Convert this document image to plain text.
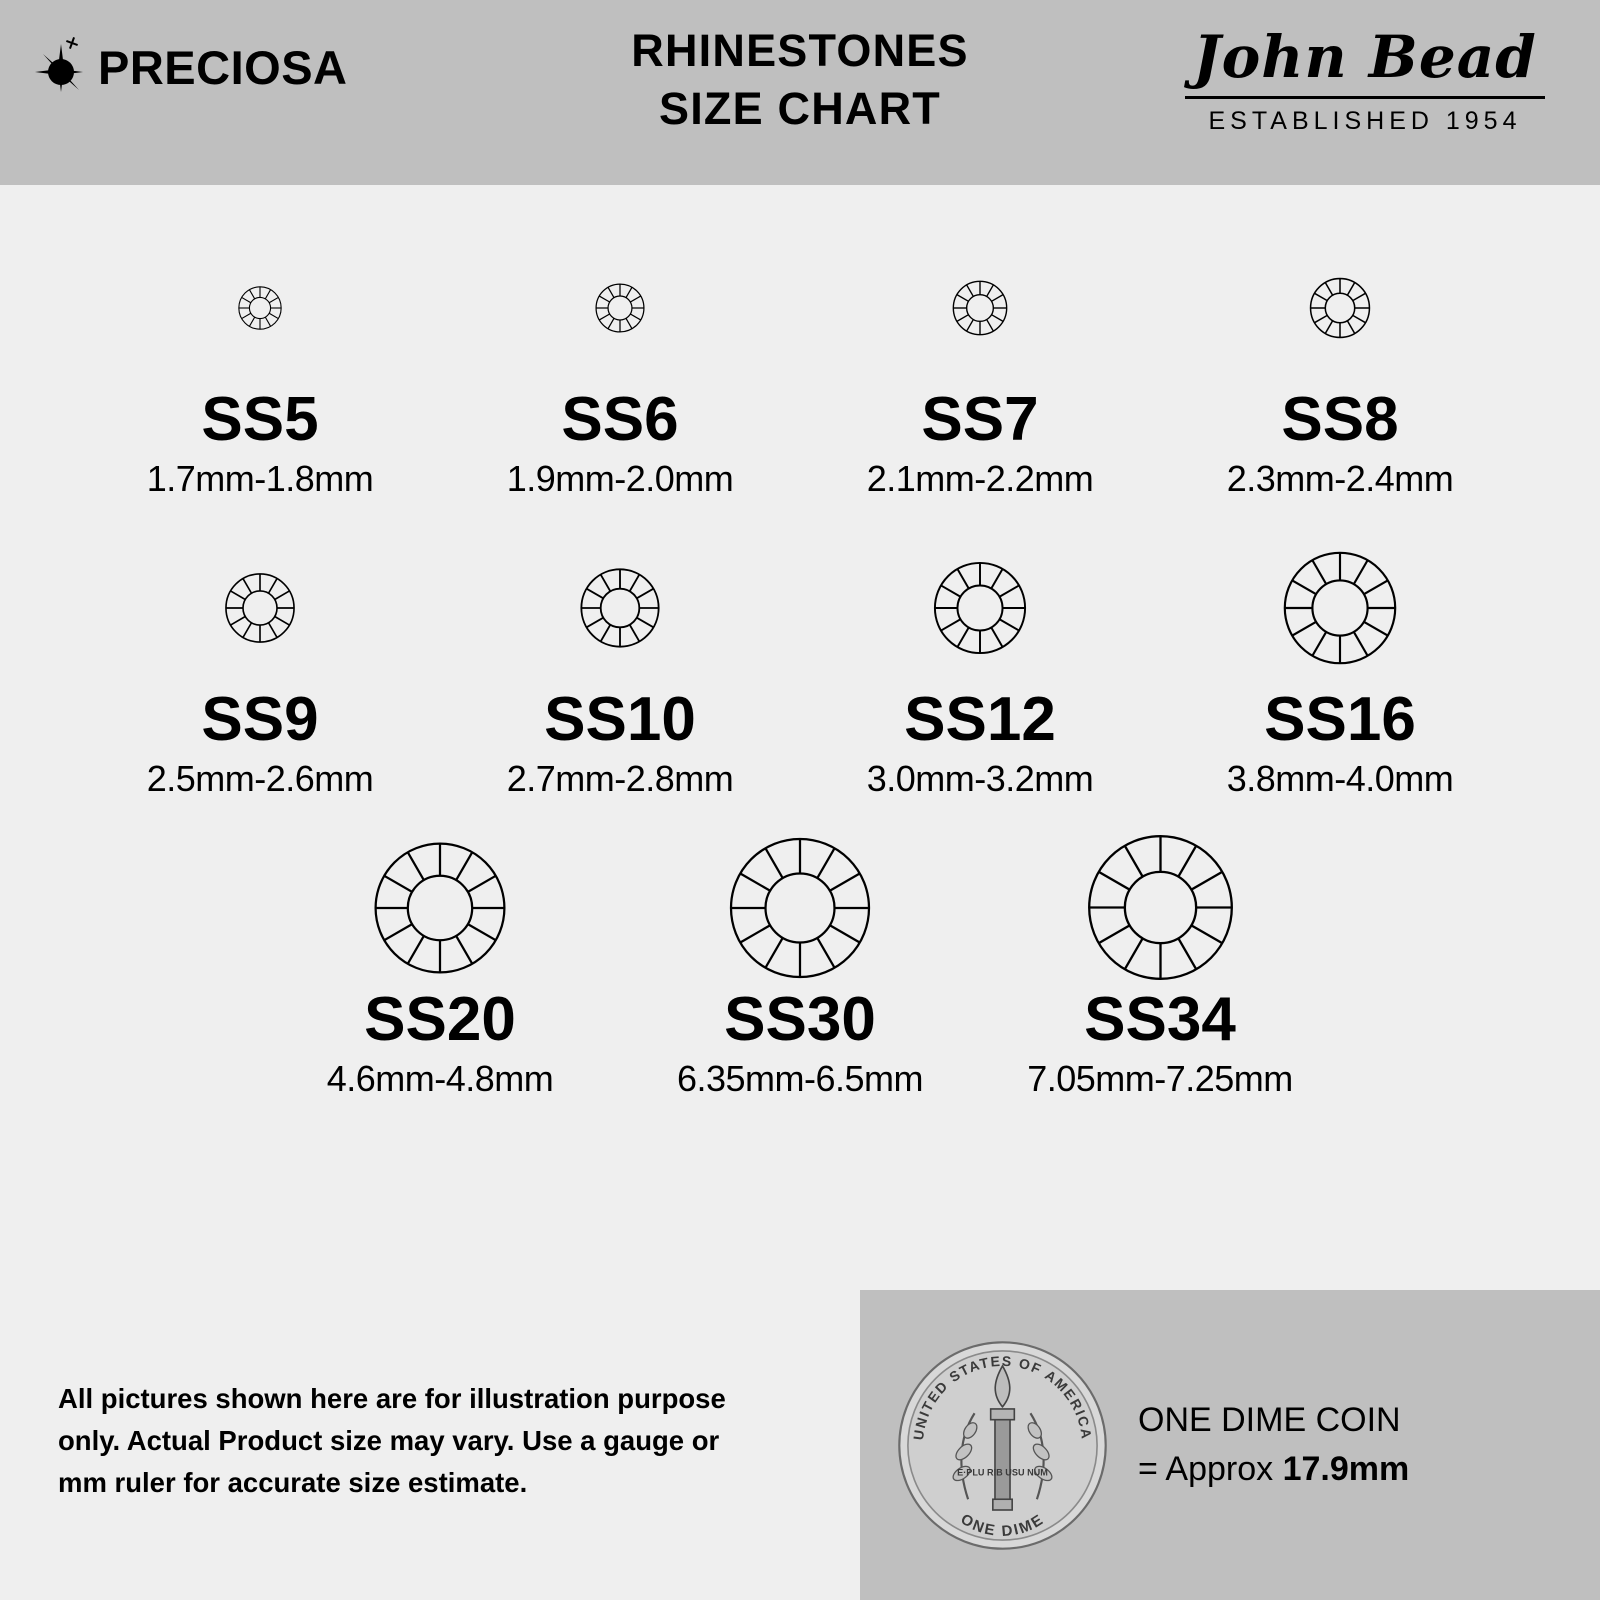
PRECIOSA	RHINESTONES
SIZE CHART
John Bead
ESTABLISHED 1954
SS5
1.7mm-1.8mm
SS6
1.9mm-2.0mm
SS7
2.1mm-2.2mm
SS8
2.3mm-2.4mm
SS9
2.5mm-2.6mm
SS10
2.7mm-2.8mm
SS12
3.0mm-3.2mm
SS16
3.8mm-4.0mm
SS20
4.6mm-4.8mm
SS30
6.35mm-6.5mm
SS34
7.05mm-7.25mm
All pictures shown here are for illustration purpose only. Actual Product size may vary. Use a gauge or mm ruler for accurate size estimate.
UNITED STATES OF AMERICA
ONE DIME
E·PLU RIB USU NUM
ONE DIME COIN
= Approx 17.9mm
